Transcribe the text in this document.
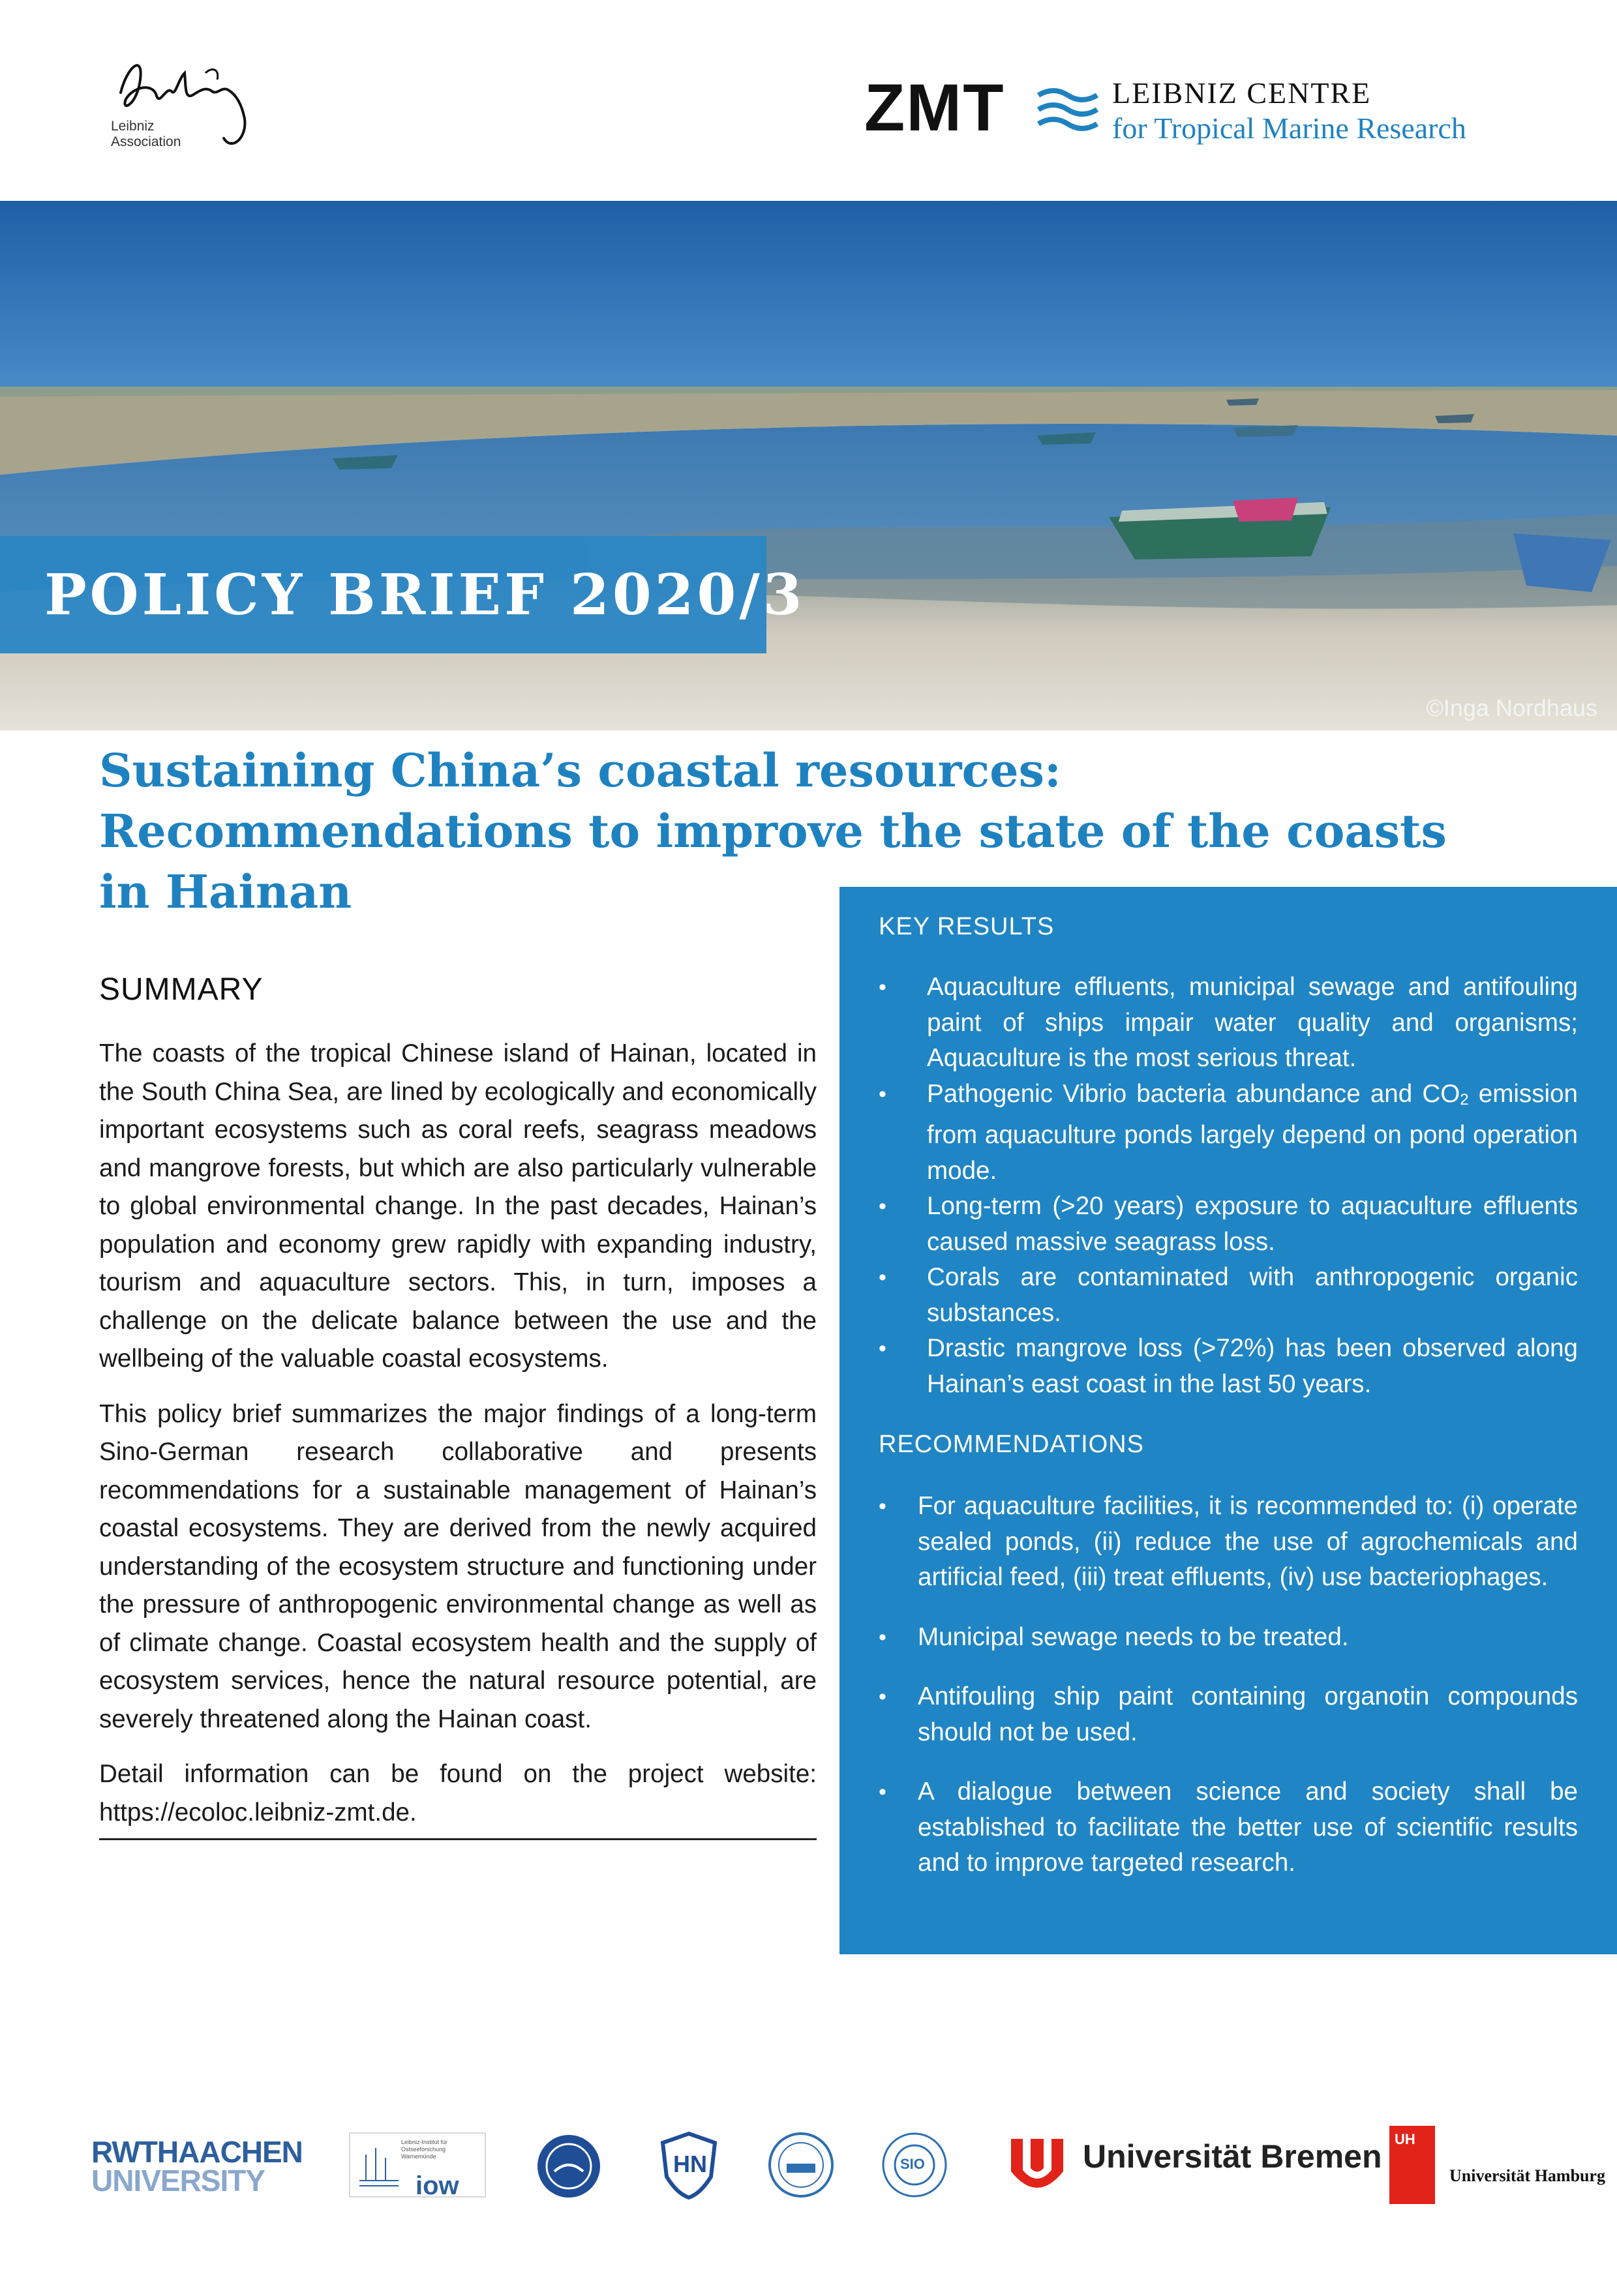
Leibniz
Association	ZMT	LEIBNIZ CENTRE
for Tropical Marine Research
POLICY BRIEF 2020/3
©Inga Nordhaus
Sustaining China’s coastal resources:
Recommendations to improve the state of the coasts
in Hainan
SUMMARY

The coasts of the tropical Chinese island of Hainan, located in the South China Sea, are lined by ecologically and economically important ecosystems such as coral reefs, seagrass meadows and mangrove forests, but which are also particularly vulnerable to global environmental change. In the past decades, Hainan’s population and economy grew rapidly with expanding industry, tourism and aquaculture sectors. This, in turn, imposes a challenge on the delicate balance between the use and the wellbeing of the valuable coastal ecosystems.

This policy brief summarizes the major findings of a long-term Sino-German research collaborative and presents recommendations for a sustainable management of Hainan’s coastal ecosystems. They are derived from the newly acquired understanding of the ecosystem structure and functioning under the pressure of anthropogenic environmental change as well as of climate change. Coastal ecosystem health and the supply of ecosystem services, hence the natural resource potential, are severely threatened along the Hainan coast.

Detail information can be found on the project website: https://ecoloc.leibniz-zmt.de.

KEY RESULTS
• Aquaculture effluents, municipal sewage and antifouling paint of ships impair water quality and organisms; Aquaculture is the most serious threat.
• Pathogenic Vibrio bacteria abundance and $CO_2$ emission from aquaculture ponds largely depend on pond operation mode.
• Long-term (>20 years) exposure to aquaculture effluents caused massive seagrass loss.
• Corals are contaminated with anthropogenic organic substances.
• Drastic mangrove loss (>72%) has been observed along Hainan’s east coast in the last 50 years.
RECOMMENDATIONS
• For aquaculture facilities, it is recommended to: (i) operate sealed ponds, (ii) reduce the use of agrochemicals and artificial feed, (iii) treat effluents, (iv) use bacteriophages.
• Municipal sewage needs to be treated.
• Antifouling ship paint containing organotin compounds should not be used.
• A dialogue between science and society shall be established to facilitate the better use of scientific results and to improve targeted research.
RWTHAACHEN
UNIVERSITY
Leibniz-Institut für Ostseeforschung Warnemünde
iow
HN	SIO	Universität Bremen UH
Universität Hamburg
